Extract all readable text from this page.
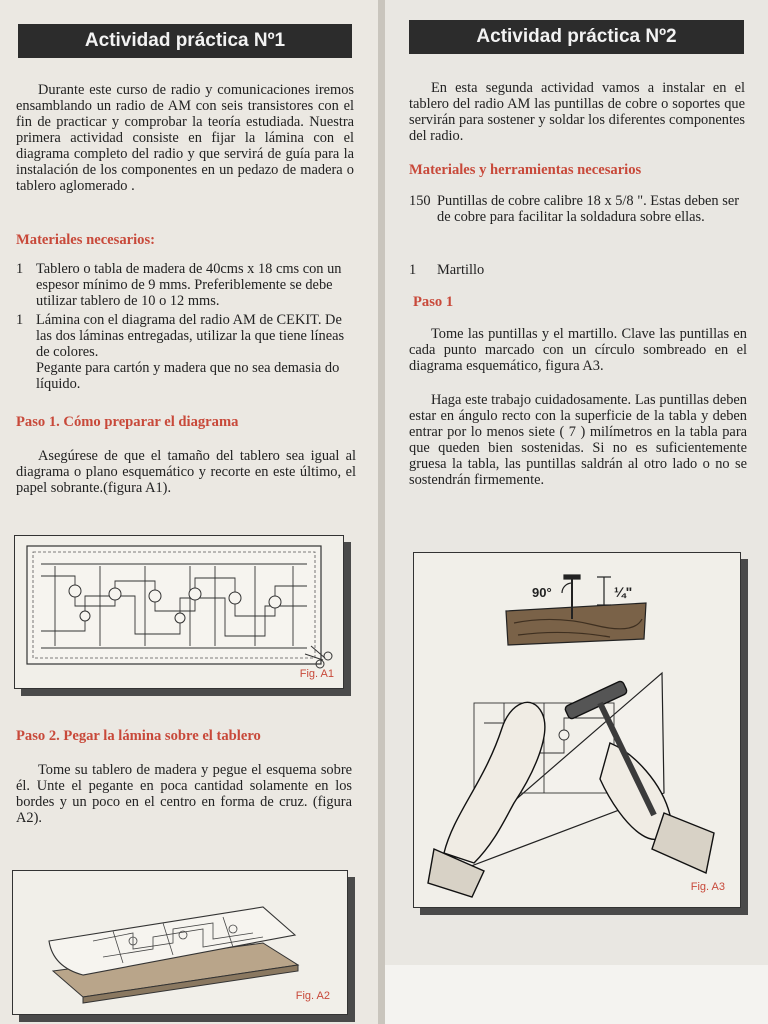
Actividad práctica Nº1

Durante este curso de radio y comunicaciones iremos ensamblando un radio de AM con seis transistores con el fin de practicar y comprobar la teoría estudiada. Nuestra primera actividad consiste en fijar la lámina con el diagrama completo del radio y que servirá de guía para la instalación de los componentes en un pedazo de madera o tablero aglomerado .

Materiales necesarios:
1 Tablero o tabla de madera de 40cms x 18 cms con un espesor mínimo de 9 mms. Preferiblemente se debe utilizar tablero de 10 o 12 mms.
1 Lámina con el diagrama del radio AM de CEKIT. De las dos láminas entregadas, utilizar la que tiene líneas de colores.
Pegante para cartón y madera que no sea demasia do líquido.
Paso 1. Cómo preparar el diagrama

Asegúrese de que el tamaño del tablero sea igual al diagrama o plano esquemático y recorte en este último, el papel sobrante.(figura A1).

Fig. A1
Paso 2. Pegar la lámina sobre el tablero

Tome su tablero de madera y pegue el esquema sobre él. Unte el pegante en poca cantidad solamente en los bordes y un poco en el centro en forma de cruz. (figura A2).

Fig. A2
Actividad práctica Nº2

En esta segunda actividad vamos a instalar en el tablero del radio AM las puntillas de cobre o soportes que servirán para sostener y soldar los diferentes componentes del radio.

Materiales y herramientas necesarios
150 Puntillas de cobre calibre 18 x 5/8 ". Estas deben ser de cobre para facilitar la soldadura sobre ellas.
1	Martillo
Paso 1

Tome las puntillas y el martillo. Clave las puntillas en cada punto marcado con un círculo sombreado en el diagrama esquemático, figura A3.

Haga este trabajo cuidadosamente. Las puntillas deben estar en ángulo recto con la superficie de la tabla y deben entrar por lo menos siete ( 7 ) milímetros en la tabla para que queden bien sostenidas. Si no es suficientemente gruesa la tabla, las puntillas saldrán al otro lado o no se sostendrán firmemente.

90°	¼"
Fig. A3
